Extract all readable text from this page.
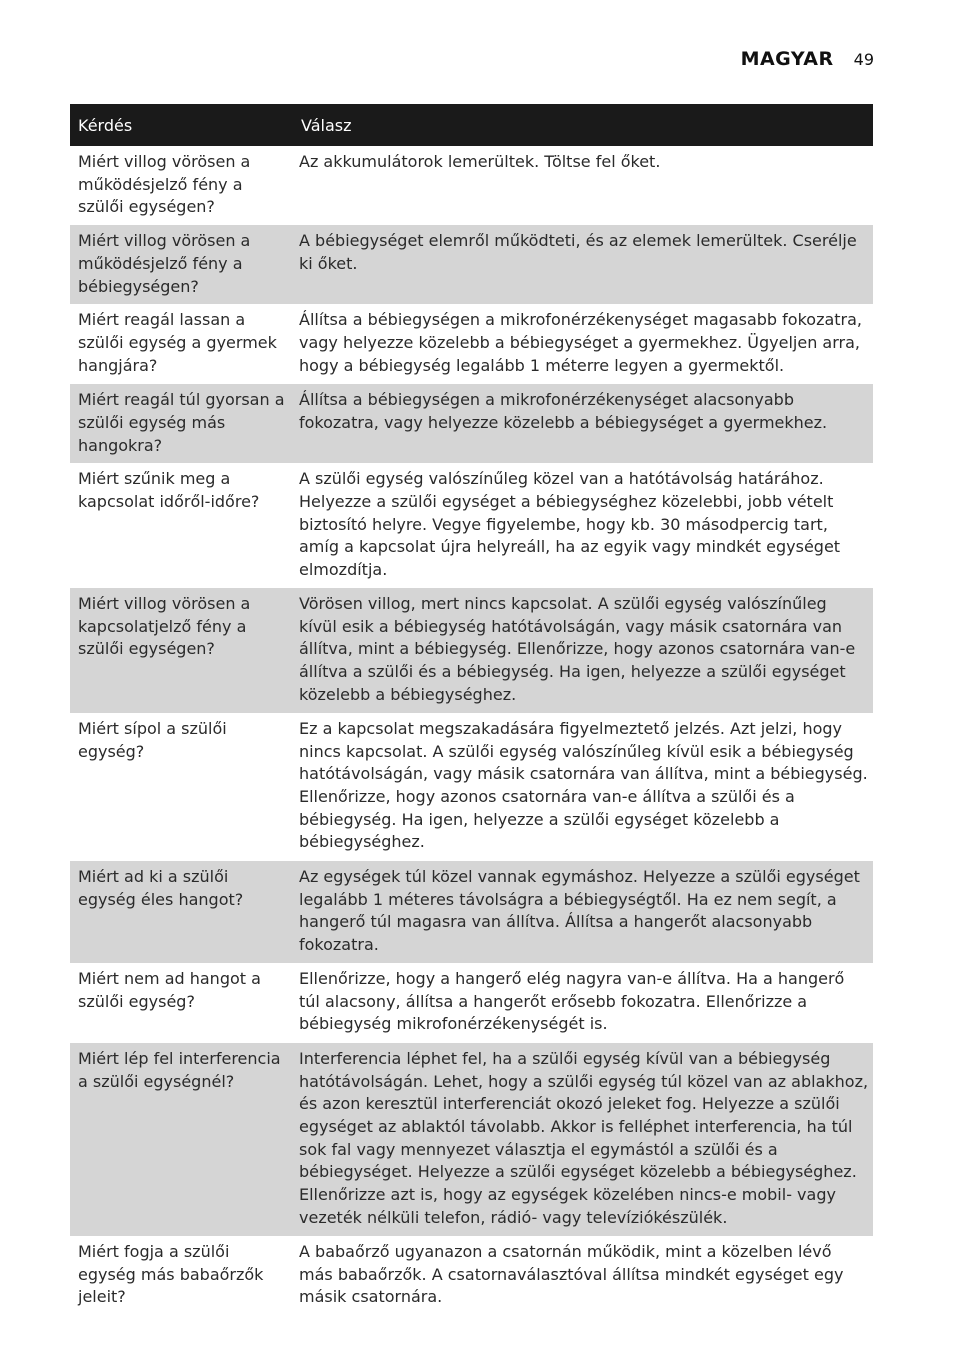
MAGYAR 49
Kérdés	Válasz
Miért villog vörösen a működésjelző fény a szülői egységen?	Az akkumulátorok lemerültek. Töltse fel őket.
Miért villog vörösen a működésjelző fény a bébiegységen?	A bébiegységet elemről működteti, és az elemek lemerültek. Cserélje ki őket.
Miért reagál lassan a szülői egység a gyermek hangjára?	Állítsa a bébiegységen a mikrofonérzékenységet magasabb fokozatra, vagy helyezze közelebb a bébiegységet a gyermekhez. Ügyeljen arra, hogy a bébiegység legalább 1 méterre legyen a gyermektől.
Miért reagál túl gyorsan a szülői egység más hangokra?	Állítsa a bébiegységen a mikrofonérzékenységet alacsonyabb fokozatra, vagy helyezze közelebb a bébiegységet a gyermekhez.
Miért szűnik meg a kapcsolat időről-időre?	A szülői egység valószínűleg közel van a hatótávolság határához. Helyezze a szülői egységet a bébiegységhez közelebbi, jobb vételt biztosító helyre. Vegye figyelembe, hogy kb. 30 másodpercig tart, amíg a kapcsolat újra helyreáll, ha az egyik vagy mindkét egységet elmozdítja.
Miért villog vörösen a kapcsolatjelző fény a szülői egységen?	Vörösen villog, mert nincs kapcsolat. A szülői egység valószínűleg kívül esik a bébiegység hatótávolságán, vagy másik csatornára van állítva, mint a bébiegység. Ellenőrizze, hogy azonos csatornára van-e állítva a szülői és a bébiegység. Ha igen, helyezze a szülői egységet közelebb a bébiegységhez.
Miért sípol a szülői egység?	Ez a kapcsolat megszakadására figyelmeztető jelzés. Azt jelzi, hogy nincs kapcsolat. A szülői egység valószínűleg kívül esik a bébiegység hatótávolságán, vagy másik csatornára van állítva, mint a bébiegység. Ellenőrizze, hogy azonos csatornára van-e állítva a szülői és a bébiegység. Ha igen, helyezze a szülői egységet közelebb a bébiegységhez.
Miért ad ki a szülői egység éles hangot?	Az egységek túl közel vannak egymáshoz. Helyezze a szülői egységet legalább 1 méteres távolságra a bébiegységtől. Ha ez nem segít, a hangerő túl magasra van állítva. Állítsa a hangerőt alacsonyabb fokozatra.
Miért nem ad hangot a szülői egység?	Ellenőrizze, hogy a hangerő elég nagyra van-e állítva. Ha a hangerő túl alacsony, állítsa a hangerőt erősebb fokozatra. Ellenőrizze a bébiegység mikrofonérzékenységét is.
Miért lép fel interferencia a szülői egységnél?	Interferencia léphet fel, ha a szülői egység kívül van a bébiegység hatótávolságán. Lehet, hogy a szülői egység túl közel van az ablakhoz, és azon keresztül interferenciát okozó jeleket fog. Helyezze a szülői egységet az ablaktól távolabb. Akkor is felléphet interferencia, ha túl sok fal vagy mennyezet választja el egymástól a szülői és a bébiegységet. Helyezze a szülői egységet közelebb a bébiegységhez. Ellenőrizze azt is, hogy az egységek közelében nincs-e mobil- vagy vezeték nélküli telefon, rádió- vagy televíziókészülék.
Miért fogja a szülői egység más babaőrzők jeleit?	A babaőrző ugyanazon a csatornán működik, mint a közelben lévő más babaőrzők. A csatornaválasztóval állítsa mindkét egységet egy másik csatornára.
